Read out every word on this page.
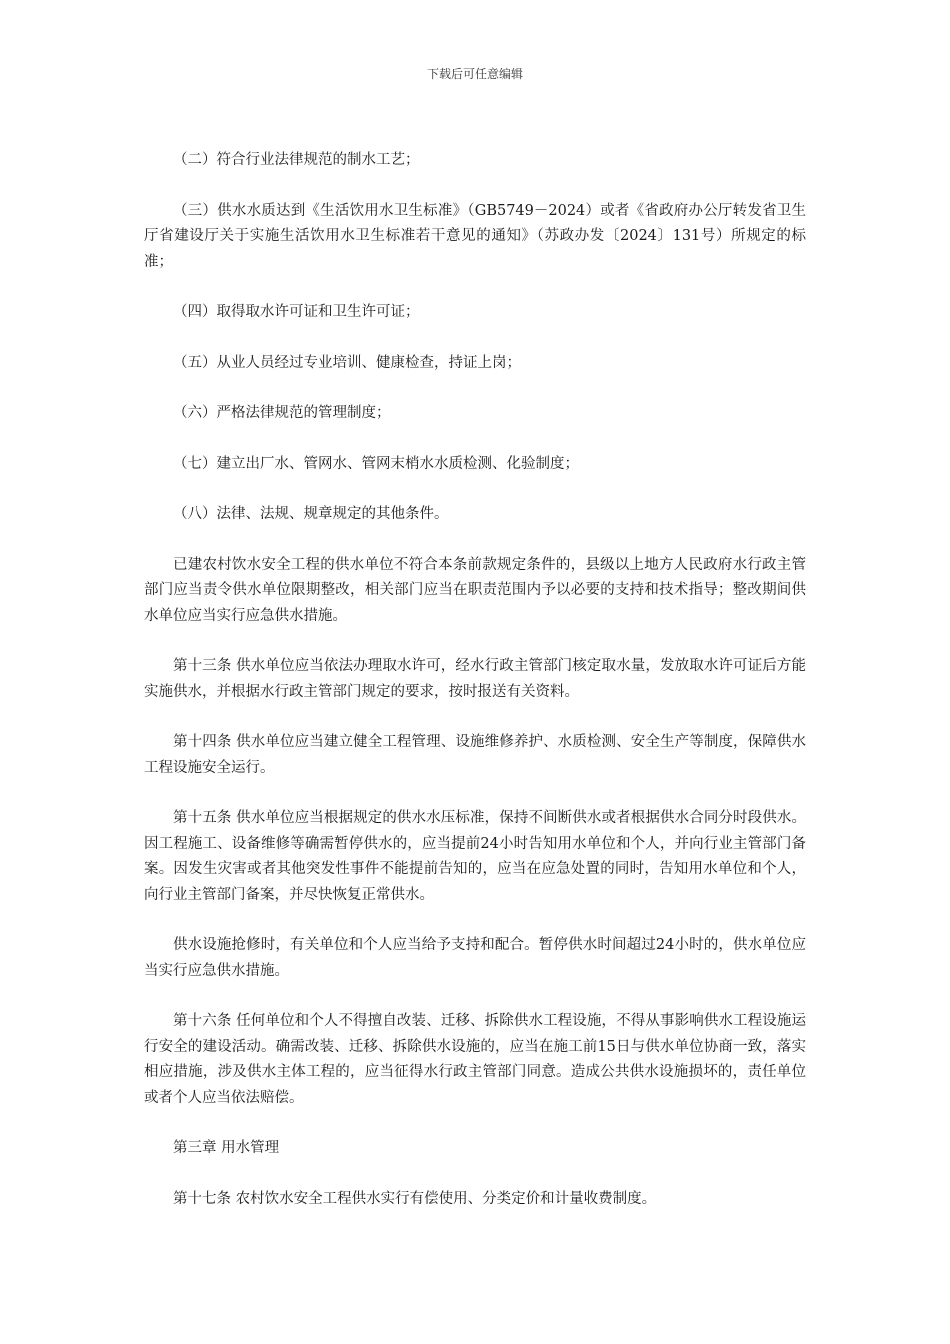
下载后可任意编辑

（二）符合行业法律规范的制水工艺；

（三）供水水质达到《生活饮用水卫生标准》（GB5749－2024）或者《省政府办公厅转发省卫生厅省建设厅关于实施生活饮用水卫生标准若干意见的通知》（苏政办发〔2024〕131号）所规定的标准；

（四）取得取水许可证和卫生许可证；

（五）从业人员经过专业培训、健康检查，持证上岗；

（六）严格法律规范的管理制度；

（七）建立出厂水、管网水、管网末梢水水质检测、化验制度；

（八）法律、法规、规章规定的其他条件。

已建农村饮水安全工程的供水单位不符合本条前款规定条件的，县级以上地方人民政府水行政主管部门应当责令供水单位限期整改，相关部门应当在职责范围内予以必要的支持和技术指导；整改期间供水单位应当实行应急供水措施。

第十三条 供水单位应当依法办理取水许可，经水行政主管部门核定取水量，发放取水许可证后方能实施供水，并根据水行政主管部门规定的要求，按时报送有关资料。

第十四条 供水单位应当建立健全工程管理、设施维修养护、水质检测、安全生产等制度，保障供水工程设施安全运行。

第十五条 供水单位应当根据规定的供水水压标准，保持不间断供水或者根据供水合同分时段供水。因工程施工、设备维修等确需暂停供水的，应当提前24小时告知用水单位和个人，并向行业主管部门备案。因发生灾害或者其他突发性事件不能提前告知的，应当在应急处置的同时，告知用水单位和个人，向行业主管部门备案，并尽快恢复正常供水。

供水设施抢修时，有关单位和个人应当给予支持和配合。暂停供水时间超过24小时的，供水单位应当实行应急供水措施。

第十六条 任何单位和个人不得擅自改装、迁移、拆除供水工程设施，不得从事影响供水工程设施运行安全的建设活动。确需改装、迁移、拆除供水设施的，应当在施工前15日与供水单位协商一致，落实相应措施，涉及供水主体工程的，应当征得水行政主管部门同意。造成公共供水设施损坏的，责任单位或者个人应当依法赔偿。

第三章 用水管理

第十七条 农村饮水安全工程供水实行有偿使用、分类定价和计量收费制度。
